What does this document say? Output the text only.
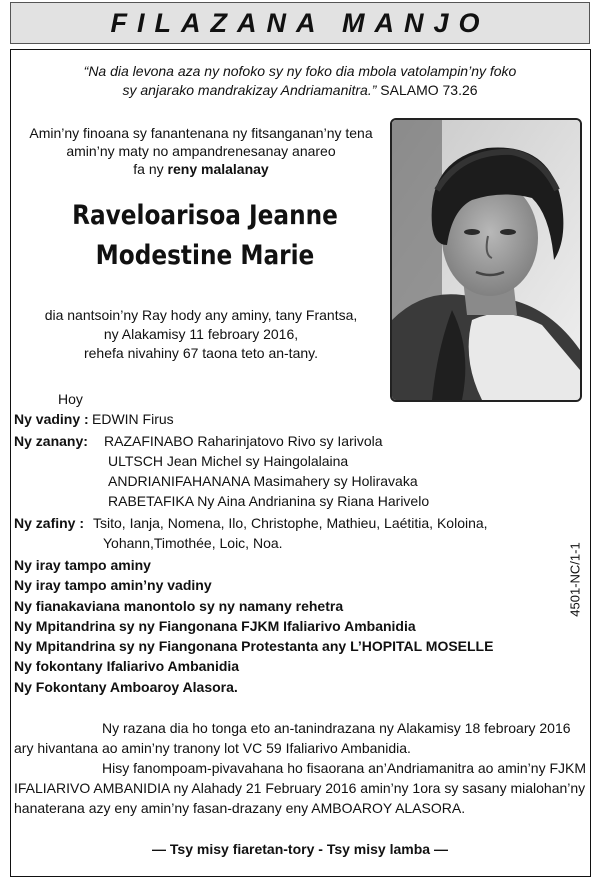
FILAZANA MANJO
“Na dia levona aza ny nofoko sy ny foko dia mbola vatolampin’ny foko
sy anjarako mandrakizay Andriamanitra.” SALAMO 73.26
Amin’ny finoana sy fanantenana ny fitsanganan’ny tena
amin’ny maty no ampandrenesanay anareo
fa ny reny malalanay
Raveloarisoa Jeanne
Modestine Marie
dia nantsoin’ny Ray hody any aminy, tany Frantsa,
ny Alakamisy 11 febroary 2016,
rehefa nivahiny 67 taona teto an-tany.
Hoy
Ny vadiny : EDWIN Firus
Ny zanany: RAZAFINABO Raharinjatovo Rivo sy Iarivola
ULTSCH Jean Michel sy Haingolalaina
ANDRIANIFAHANANA Masimahery sy Holiravaka
RABETAFIKA Ny Aina Andrianina sy Riana Harivelo
Ny zafiny : Tsito, Ianja, Nomena, Ilo, Christophe, Mathieu, Laétitia, Koloina,
Yohann,Timothée, Loic, Noa.
Ny iray tampo aminy
Ny iray tampo amin’ny vadiny
Ny fianakaviana manontolo sy ny namany rehetra
Ny Mpitandrina sy ny Fiangonana FJKM Ifaliarivo Ambanidia
Ny Mpitandrina sy ny Fiangonana Protestanta any L’HOPITAL MOSELLE
Ny fokontany Ifaliarivo Ambanidia
Ny Fokontany Amboaroy Alasora.
4501-NC/1-1
Ny razana dia ho tonga eto an-tanindrazana ny Alakamisy 18 febroary 2016
ary hivantana ao amin’ny tranony lot VC 59 Ifaliarivo Ambanidia.
Hisy fanompoam-pivavahana ho fisaorana an’Andriamanitra ao amin’ny FJKM
IFALIARIVO AMBANIDIA ny Alahady 21 February 2016 amin’ny 1ora sy sasany mialohan’ny
hanaterana azy eny amin’ny fasan-drazany eny AMBOAROY ALASORA.
— Tsy misy fiaretan-tory - Tsy misy lamba —
